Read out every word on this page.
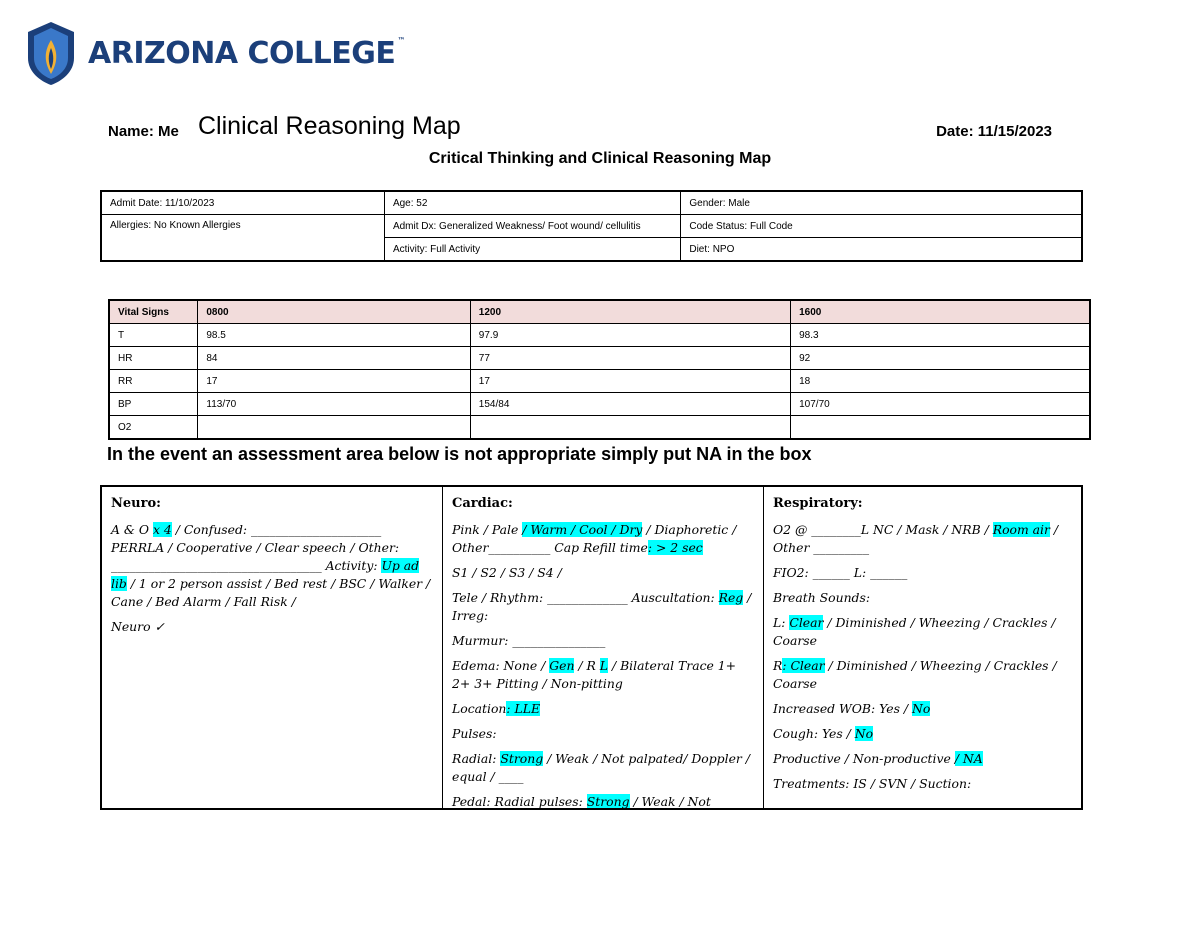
ARIZONA COLLEGE ™
Name: Me Clinical Reasoning Map	Date: 11/15/2023
Critical Thinking and Clinical Reasoning Map
Admit Date: 11/10/2023	Age: 52	Gender: Male
Allergies: No Known Allergies	Admit Dx: Generalized Weakness/ Foot wound/ cellulitis	Code Status: Full Code
	Activity: Full Activity	Diet: NPO
Vital Signs	0800	1200	1600
T	98.5	97.9	98.3
HR	84	77	92
RR	17	17	18
BP	113/70	154/84	107/70
O2			
In the event an assessment area below is not appropriate simply put NA in the box
Neuro:

A & O x 4 / Confused: _____________________
PERRLA / Cooperative / Clear speech / Other: __________________________________ Activity: Up ad lib / 1 or 2 person assist / Bed rest / BSC / Walker / Cane / Bed Alarm / Fall Risk /

Neuro ✓

Cardiac:

Pink / Pale / Warm / Cool / Dry / Diaphoretic / Other__________ Cap Refill time: > 2 sec

S1 / S2 / S3 / S4 /

Tele / Rhythm: _____________ Auscultation: Reg / Irreg:

Murmur: _______________

Edema: None / Gen / R L / Bilateral Trace 1+ 2+ 3+ Pitting / Non-pitting

Location: LLE

Pulses:

Radial: Strong / Weak / Not palpated/ Doppler / equal / ____

Pedal: Radial pulses: Strong / Weak / Not

Respiratory:

O2 @ ________L NC / Mask / NRB / Room air / Other _________

FIO2: ______ L: ______

Breath Sounds:

L: Clear / Diminished / Wheezing / Crackles / Coarse

R: Clear / Diminished / Wheezing / Crackles / Coarse

Increased WOB: Yes / No

Cough: Yes / No

Productive / Non-productive / NA

Treatments: IS / SVN / Suction:
